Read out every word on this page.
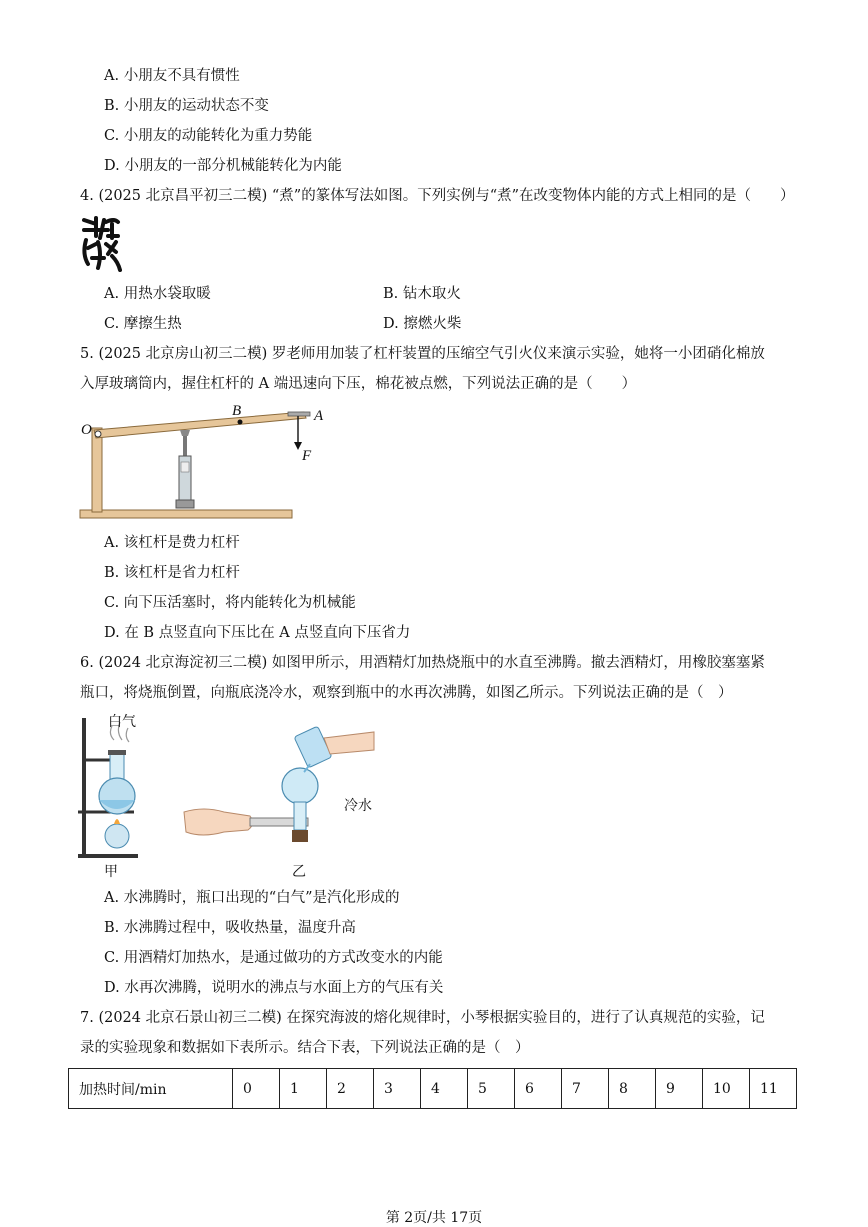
A. 小朋友不具有惯性
B. 小朋友的运动状态不变
C. 小朋友的动能转化为重力势能
D. 小朋友的一部分机械能转化为内能
4. (2025 北京昌平初三二模) “煮”的篆体写法如图。下列实例与“煮”在改变物体内能的方式上相同的是（　　）
A. 用热水袋取暖	B. 钻木取火
C. 摩擦生热	D. 擦燃火柴
5. (2025 北京房山初三二模) 罗老师用加装了杠杆装置的压缩空气引火仪来演示实验，她将一小团硝化棉放
入厚玻璃筒内，握住杠杆的 A 端迅速向下压，棉花被点燃，下列说法正确的是（　　）
O
B	A
F
A. 该杠杆是费力杠杆
B. 该杠杆是省力杠杆
C. 向下压活塞时，将内能转化为机械能
D. 在 B 点竖直向下压比在 A 点竖直向下压省力
6. (2024 北京海淀初三二模) 如图甲所示，用酒精灯加热烧瓶中的水直至沸腾。撤去酒精灯，用橡胶塞塞紧
瓶口，将烧瓶倒置，向瓶底浇冷水，观察到瓶中的水再次沸腾，如图乙所示。下列说法正确的是（　）
甲
白气
冷水
乙
A. 水沸腾时，瓶口出现的“白气”是汽化形成的
B. 水沸腾过程中，吸收热量，温度升高
C. 用酒精灯加热水，是通过做功的方式改变水的内能
D. 水再次沸腾，说明水的沸点与水面上方的气压有关
7. (2024 北京石景山初三二模) 在探究海波的熔化规律时，小琴根据实验目的，进行了认真规范的实验，记
录的实验现象和数据如下表所示。结合下表，下列说法正确的是（　）
加热时间/min	0	1	2	3	4	5	6	7	8	9	10	11
第 2页/共 17页
